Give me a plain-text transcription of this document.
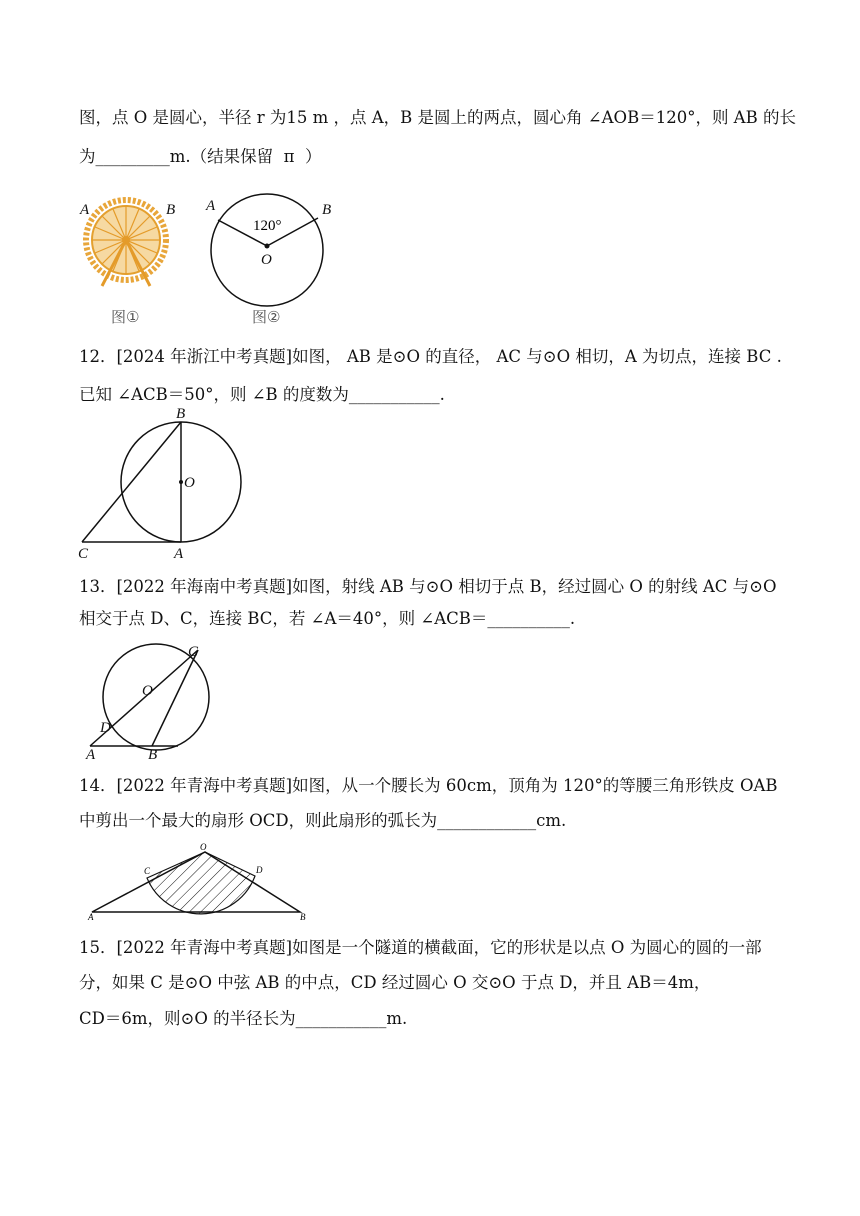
图，点 O 是圆心，半径 r 为15 m ，点 A，B 是圆上的两点，圆心角 ∠AOB＝120°，则 AB 的长
为_________m.（结果保留  π  ）
A	B
图①
A	B
O
120°
图②
12．[2024 年浙江中考真题]如图， AB 是⊙O 的直径， AC 与⊙O 相切，A 为切点，连接 BC .
已知 ∠ACB＝50°，则 ∠B 的度数为___________.
B
O
C	A
13．[2022 年海南中考真题]如图，射线 AB 与⊙O 相切于点 B，经过圆心 O 的射线 AC 与⊙O
相交于点 D、C，连接 BC，若 ∠A＝40°，则 ∠ACB＝__________.
C
O
D
A	B
14．[2022 年青海中考真题]如图，从一个腰长为 60cm，顶角为 120°的等腰三角形铁皮 OAB
中剪出一个最大的扇形 OCD，则此扇形的弧长为____________cm.
O
C	D
A	B
15．[2022 年青海中考真题]如图是一个隧道的横截面，它的形状是以点 O 为圆心的圆的一部
分，如果 C 是⊙O 中弦 AB 的中点，CD 经过圆心 O 交⊙O 于点 D，并且 AB＝4m，
CD＝6m，则⊙O 的半径长为___________m.
